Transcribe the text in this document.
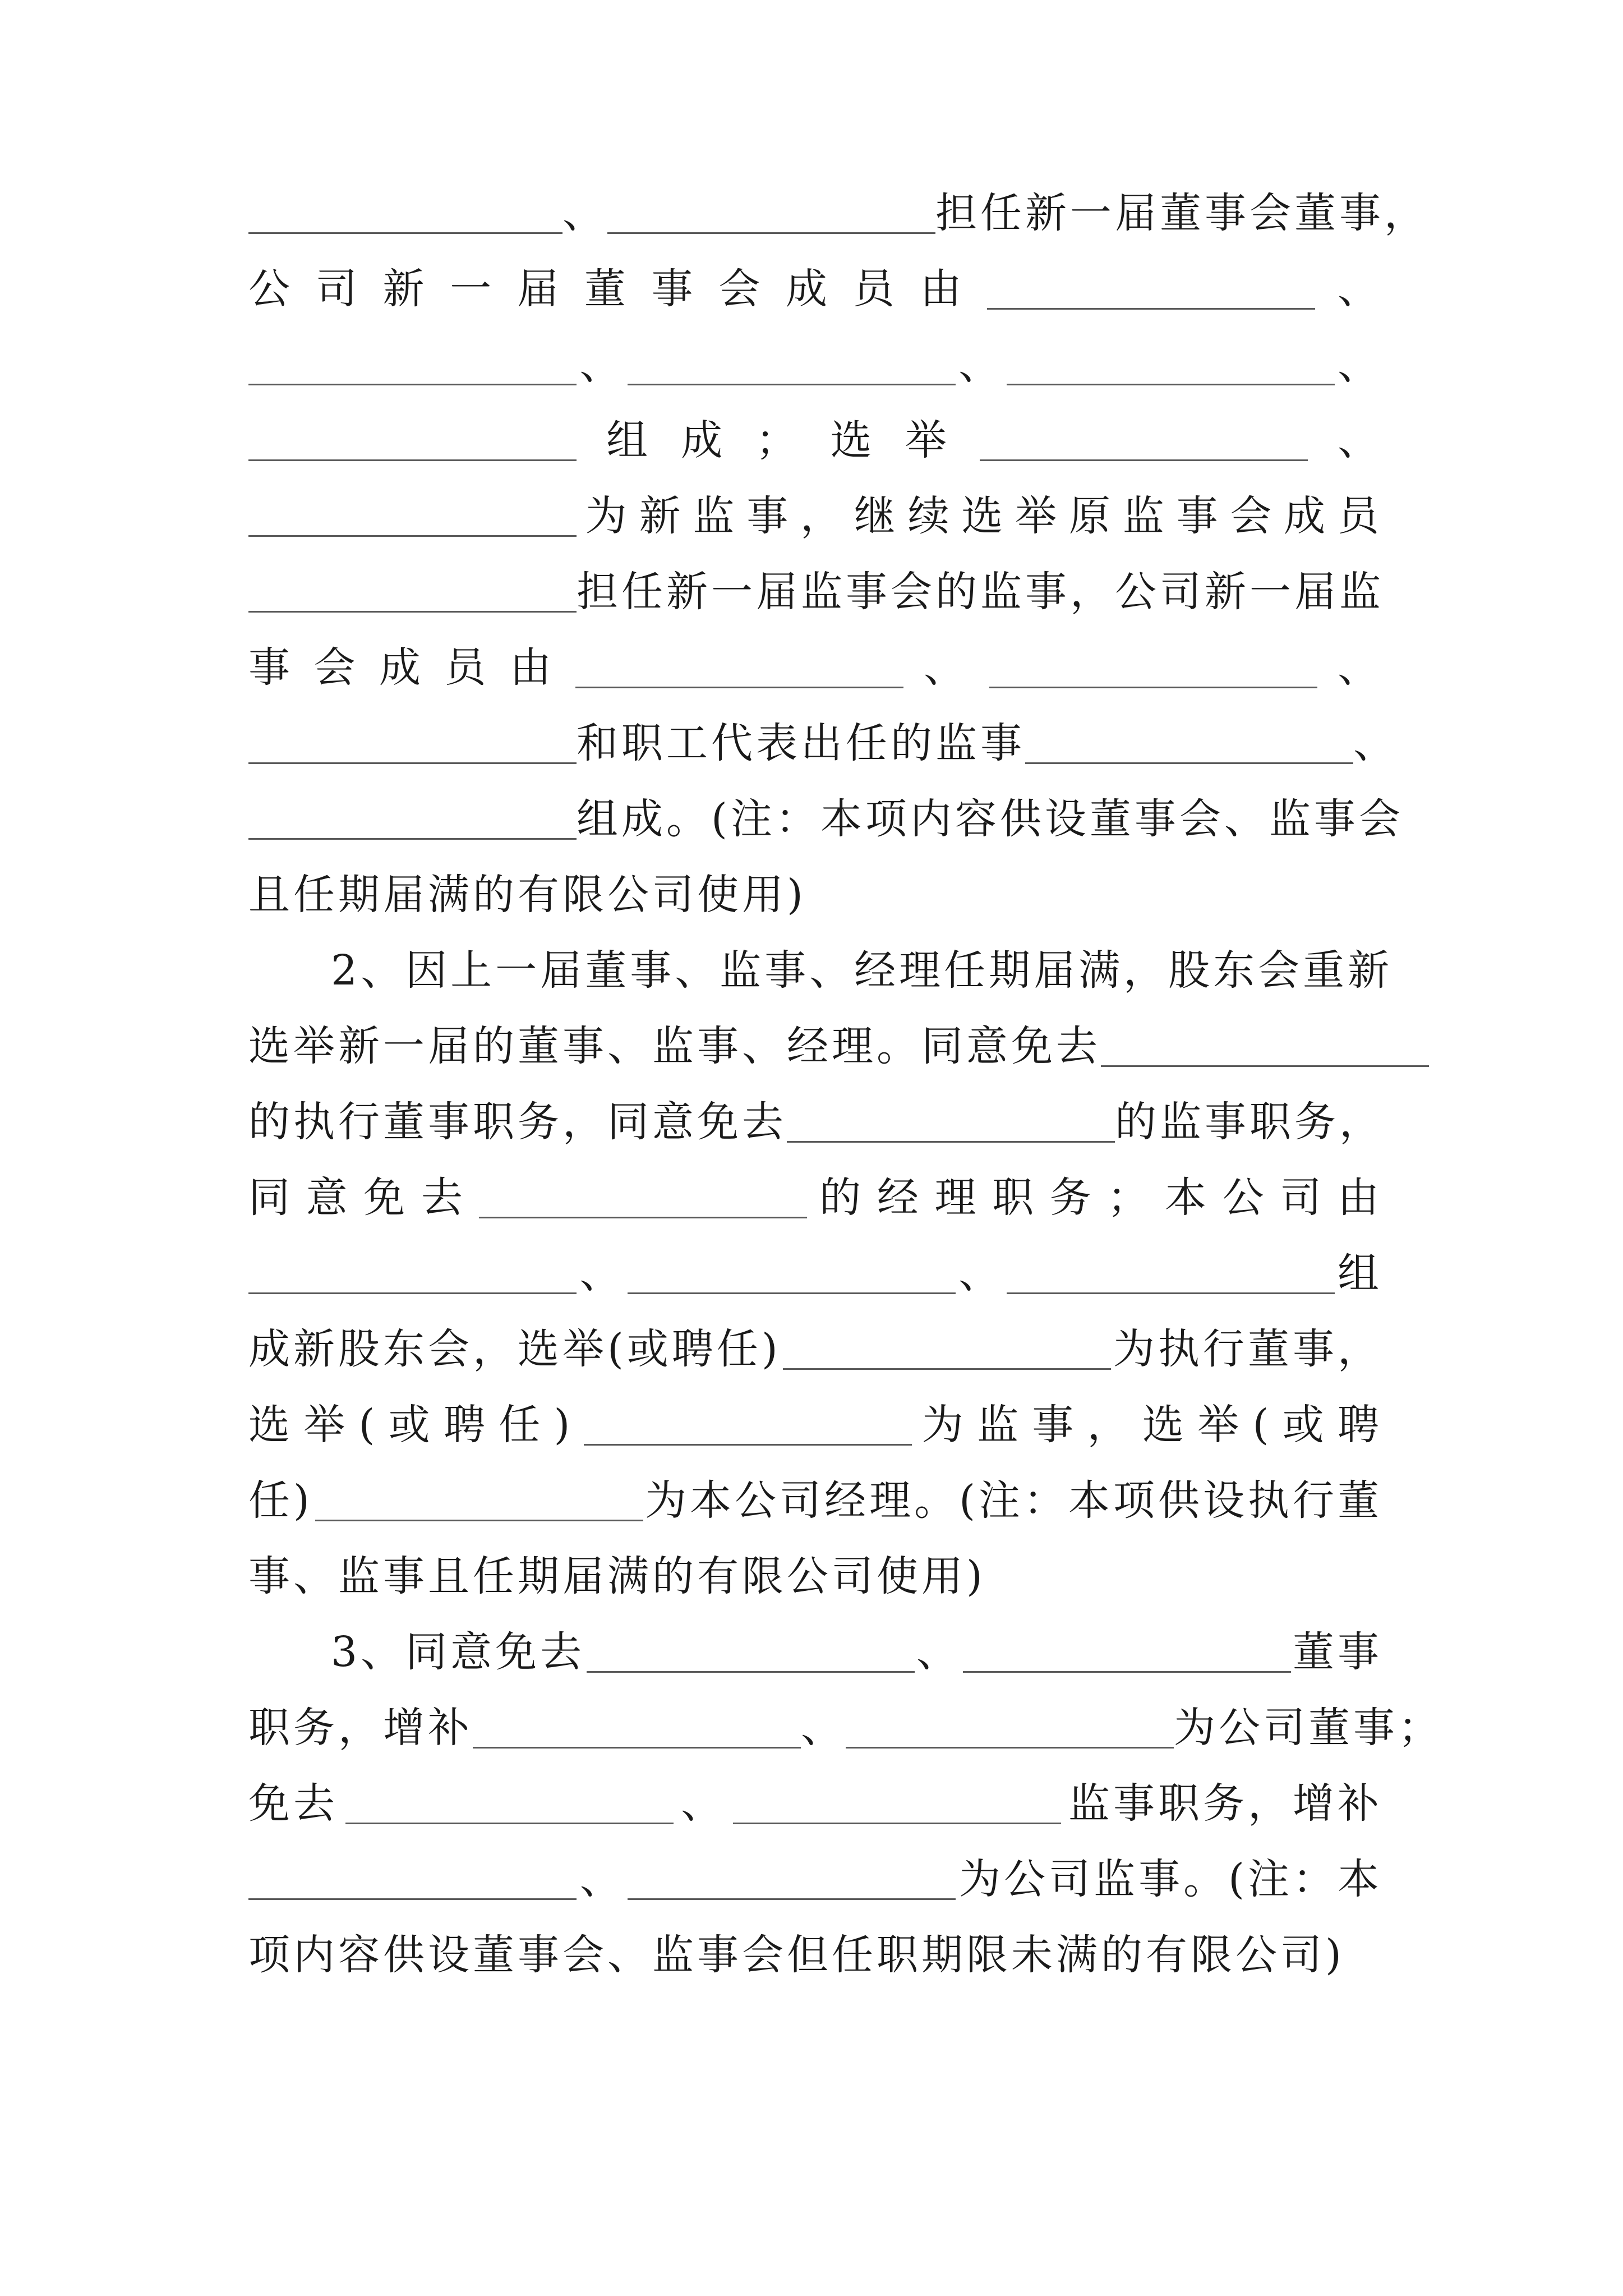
、	担任新一届董事会董事，
公 司 新 一 届 董 事 会 成 员 由	、
、	、	、
组 成 ； 选 举	、
为 新 监 事 ， 继 续 选 举 原 监 事 会 成 员
担任新一届监事会的监事，公司新一届监
事 会 成 员 由	、	、
和职工代表出任的监事	、
组成。(注：本项内容供设董事会、监事会
且任期届满的有限公司使用)
2、因上一届董事、监事、经理任期届满，股东会重新
选举新一届的董事、监事、经理。同意免去
的执行董事职务，同意免去	的监事职务，
同 意 免 去	的 经 理 职 务 ； 本 公 司 由
、	、	组
成新股东会，选举(或聘任)	为执行董事，
选 举 ( 或 聘 任 )	为 监 事 ， 选 举 ( 或 聘
任)	为本公司经理。(注：本项供设执行董
事、监事且任期届满的有限公司使用)
3、同意免去	、	董事
职务，增补	、	为公司董事；
免去	、	监事职务，增补
、	为公司监事。(注：本
项内容供设董事会、监事会但任职期限未满的有限公司)
